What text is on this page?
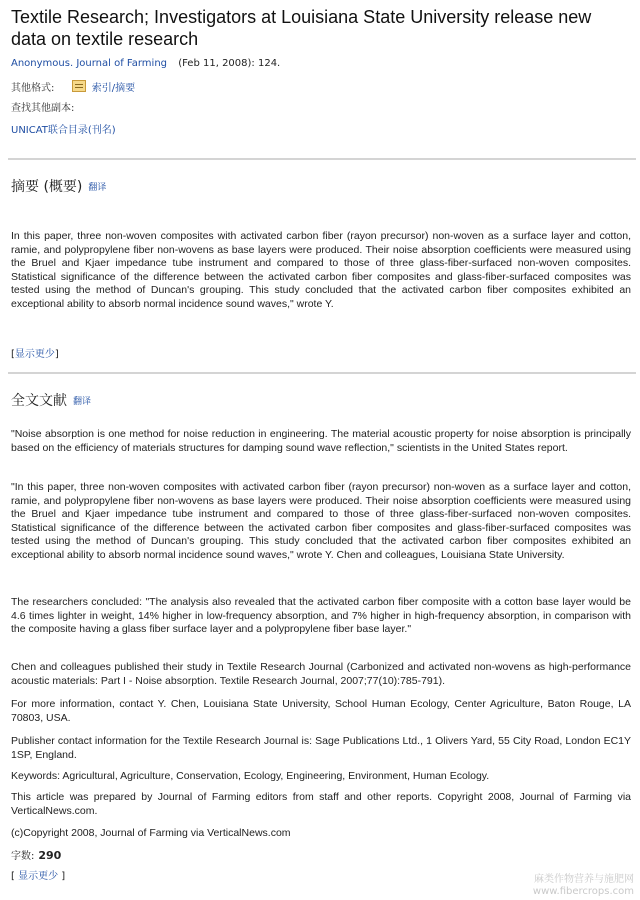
Textile Research; Investigators at Louisiana State University release new data on textile research
Anonymous. Journal of Farming (Feb 11, 2008): 124.
其他格式:	索引/摘要
查找其他副本:
UNICAT联合目录(刊名)
摘要 (概要) 翻译

In this paper, three non-woven composites with activated carbon fiber (rayon precursor) non-woven as a surface layer and cotton, ramie, and polypropylene fiber non-wovens as base layers were produced. Their noise absorption coefficients were measured using the Bruel and Kjaer impedance tube instrument and compared to those of three glass-fiber-surfaced non-woven composites. Statistical significance of the difference between the activated carbon fiber composites and glass-fiber-surfaced composites was tested using the method of Duncan's grouping. This study concluded that the activated carbon fiber composites exhibited an exceptional ability to absorb normal incidence sound waves," wrote Y.

[显示更少]
全文文献 翻译

"Noise absorption is one method for noise reduction in engineering. The material acoustic property for noise absorption is principally based on the efficiency of materials structures for damping sound wave reflection," scientists in the United States report.

"In this paper, three non-woven composites with activated carbon fiber (rayon precursor) non-woven as a surface layer and cotton, ramie, and polypropylene fiber non-wovens as base layers were produced. Their noise absorption coefficients were measured using the Bruel and Kjaer impedance tube instrument and compared to those of three glass-fiber-surfaced non-woven composites. Statistical significance of the difference between the activated carbon fiber composites and glass-fiber-surfaced composites was tested using the method of Duncan's grouping. This study concluded that the activated carbon fiber composites exhibited an exceptional ability to absorb normal incidence sound waves," wrote Y. Chen and colleagues, Louisiana State University.

The researchers concluded: "The analysis also revealed that the activated carbon fiber composite with a cotton base layer would be 4.6 times lighter in weight, 14% higher in low-frequency absorption, and 7% higher in high-frequency absorption, in comparison with the composite having a glass fiber surface layer and a polypropylene fiber base layer."

Chen and colleagues published their study in Textile Research Journal (Carbonized and activated non-wovens as high-performance acoustic materials: Part I - Noise absorption. Textile Research Journal, 2007;77(10):785-791).

For more information, contact Y. Chen, Louisiana State University, School Human Ecology, Center Agriculture, Baton Rouge, LA 70803, USA.

Publisher contact information for the Textile Research Journal is: Sage Publications Ltd., 1 Olivers Yard, 55 City Road, London EC1Y 1SP, England.

Keywords: Agricultural, Agriculture, Conservation, Ecology, Engineering, Environment, Human Ecology.

This article was prepared by Journal of Farming editors from staff and other reports. Copyright 2008, Journal of Farming via VerticalNews.com.

(c)Copyright 2008, Journal of Farming via VerticalNews.com

字数: 290
[ 显示更少 ]	麻类作物营养与施肥网
www.fibercrops.com
